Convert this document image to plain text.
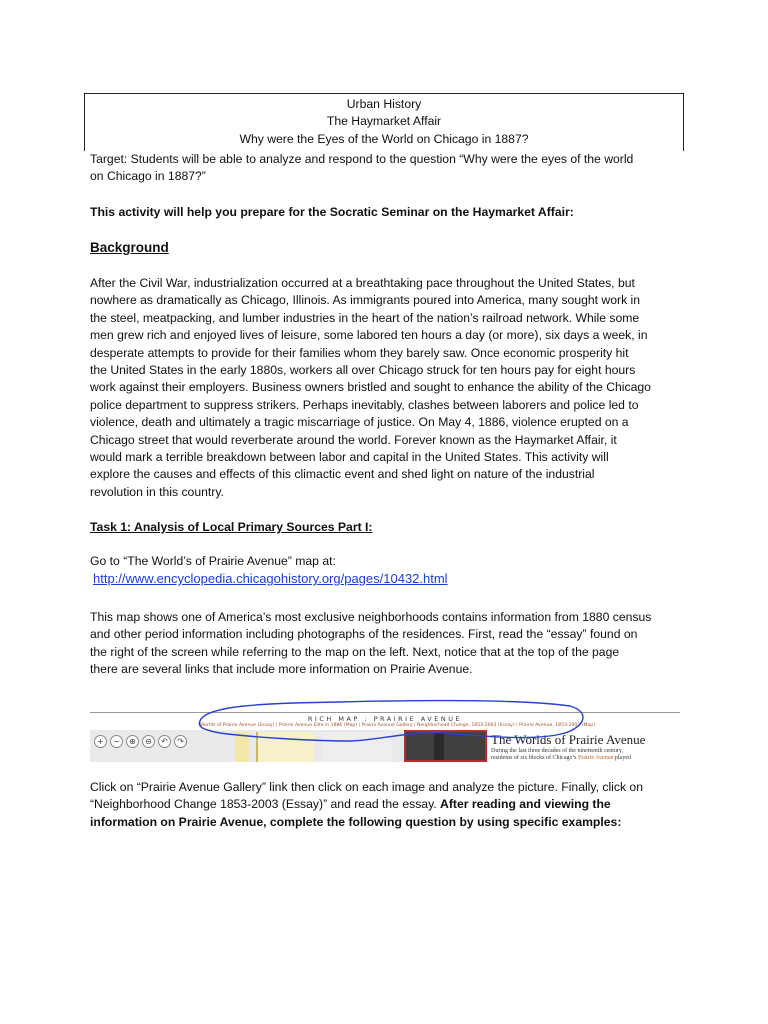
Urban History
The Haymarket Affair
Why were the Eyes of the World on Chicago in 1887?
Target: Students will be able to analyze and respond to the question “Why were the eyes of the world
on Chicago in 1887?”
This activity will help you prepare for the Socratic Seminar on the Haymarket Affair:
Background
After the Civil War, industrialization occurred at a breathtaking pace throughout the United States, but
nowhere as dramatically as Chicago, Illinois. As immigrants poured into America, many sought work in
the steel, meatpacking, and lumber industries in the heart of the nation’s railroad network. While some
men grew rich and enjoyed lives of leisure, some labored ten hours a day (or more), six days a week, in
desperate attempts to provide for their families whom they barely saw. Once economic prosperity hit
the United States in the early 1880s, workers all over Chicago struck for ten hours pay for eight hours
work against their employers. Business owners bristled and sought to enhance the ability of the Chicago
police department to suppress strikers. Perhaps inevitably, clashes between laborers and police led to
violence, death and ultimately a tragic miscarriage of justice. On May 4, 1886, violence erupted on a
Chicago street that would reverberate around the world. Forever known as the Haymarket Affair, it
would mark a terrible breakdown between labor and capital in the United States. This activity will
explore the causes and effects of this climactic event and shed light on nature of the industrial
revolution in this country.
Task 1: Analysis of Local Primary Sources Part I:
Go to “The World’s of Prairie Avenue” map at:
http://www.encyclopedia.chicagohistory.org/pages/10432.html
This map shows one of America’s most exclusive neighborhoods contains information from 1880 census
and other period information including photographs of the residences. First, read the “essay” found on
the right of the screen while referring to the map on the left. Next, notice that at the top of the page
there are several links that include more information on Prairie Avenue.
RICH MAP : PRAIRIE AVENUE
Worlds of Prairie Avenue (Essay) | Prairie Avenue Elite in 1886 (Map) | Prairie Avenue Gallery | Neighborhood Change, 1853-2003 (Essay) | Prairie Avenue, 1853-2003 (Map)
+	−	⊕	⊖	↶	↷	The Worlds of Prairie Avenue
During the last three decades of the nineteenth century,
residents of six blocks of Chicago’s Prairie Avenue played
Click on “Prairie Avenue Gallery” link then click on each image and analyze the picture. Finally, click on
“Neighborhood Change 1853-2003 (Essay)” and read the essay. After reading and viewing the
information on Prairie Avenue, complete the following question by using specific examples:
